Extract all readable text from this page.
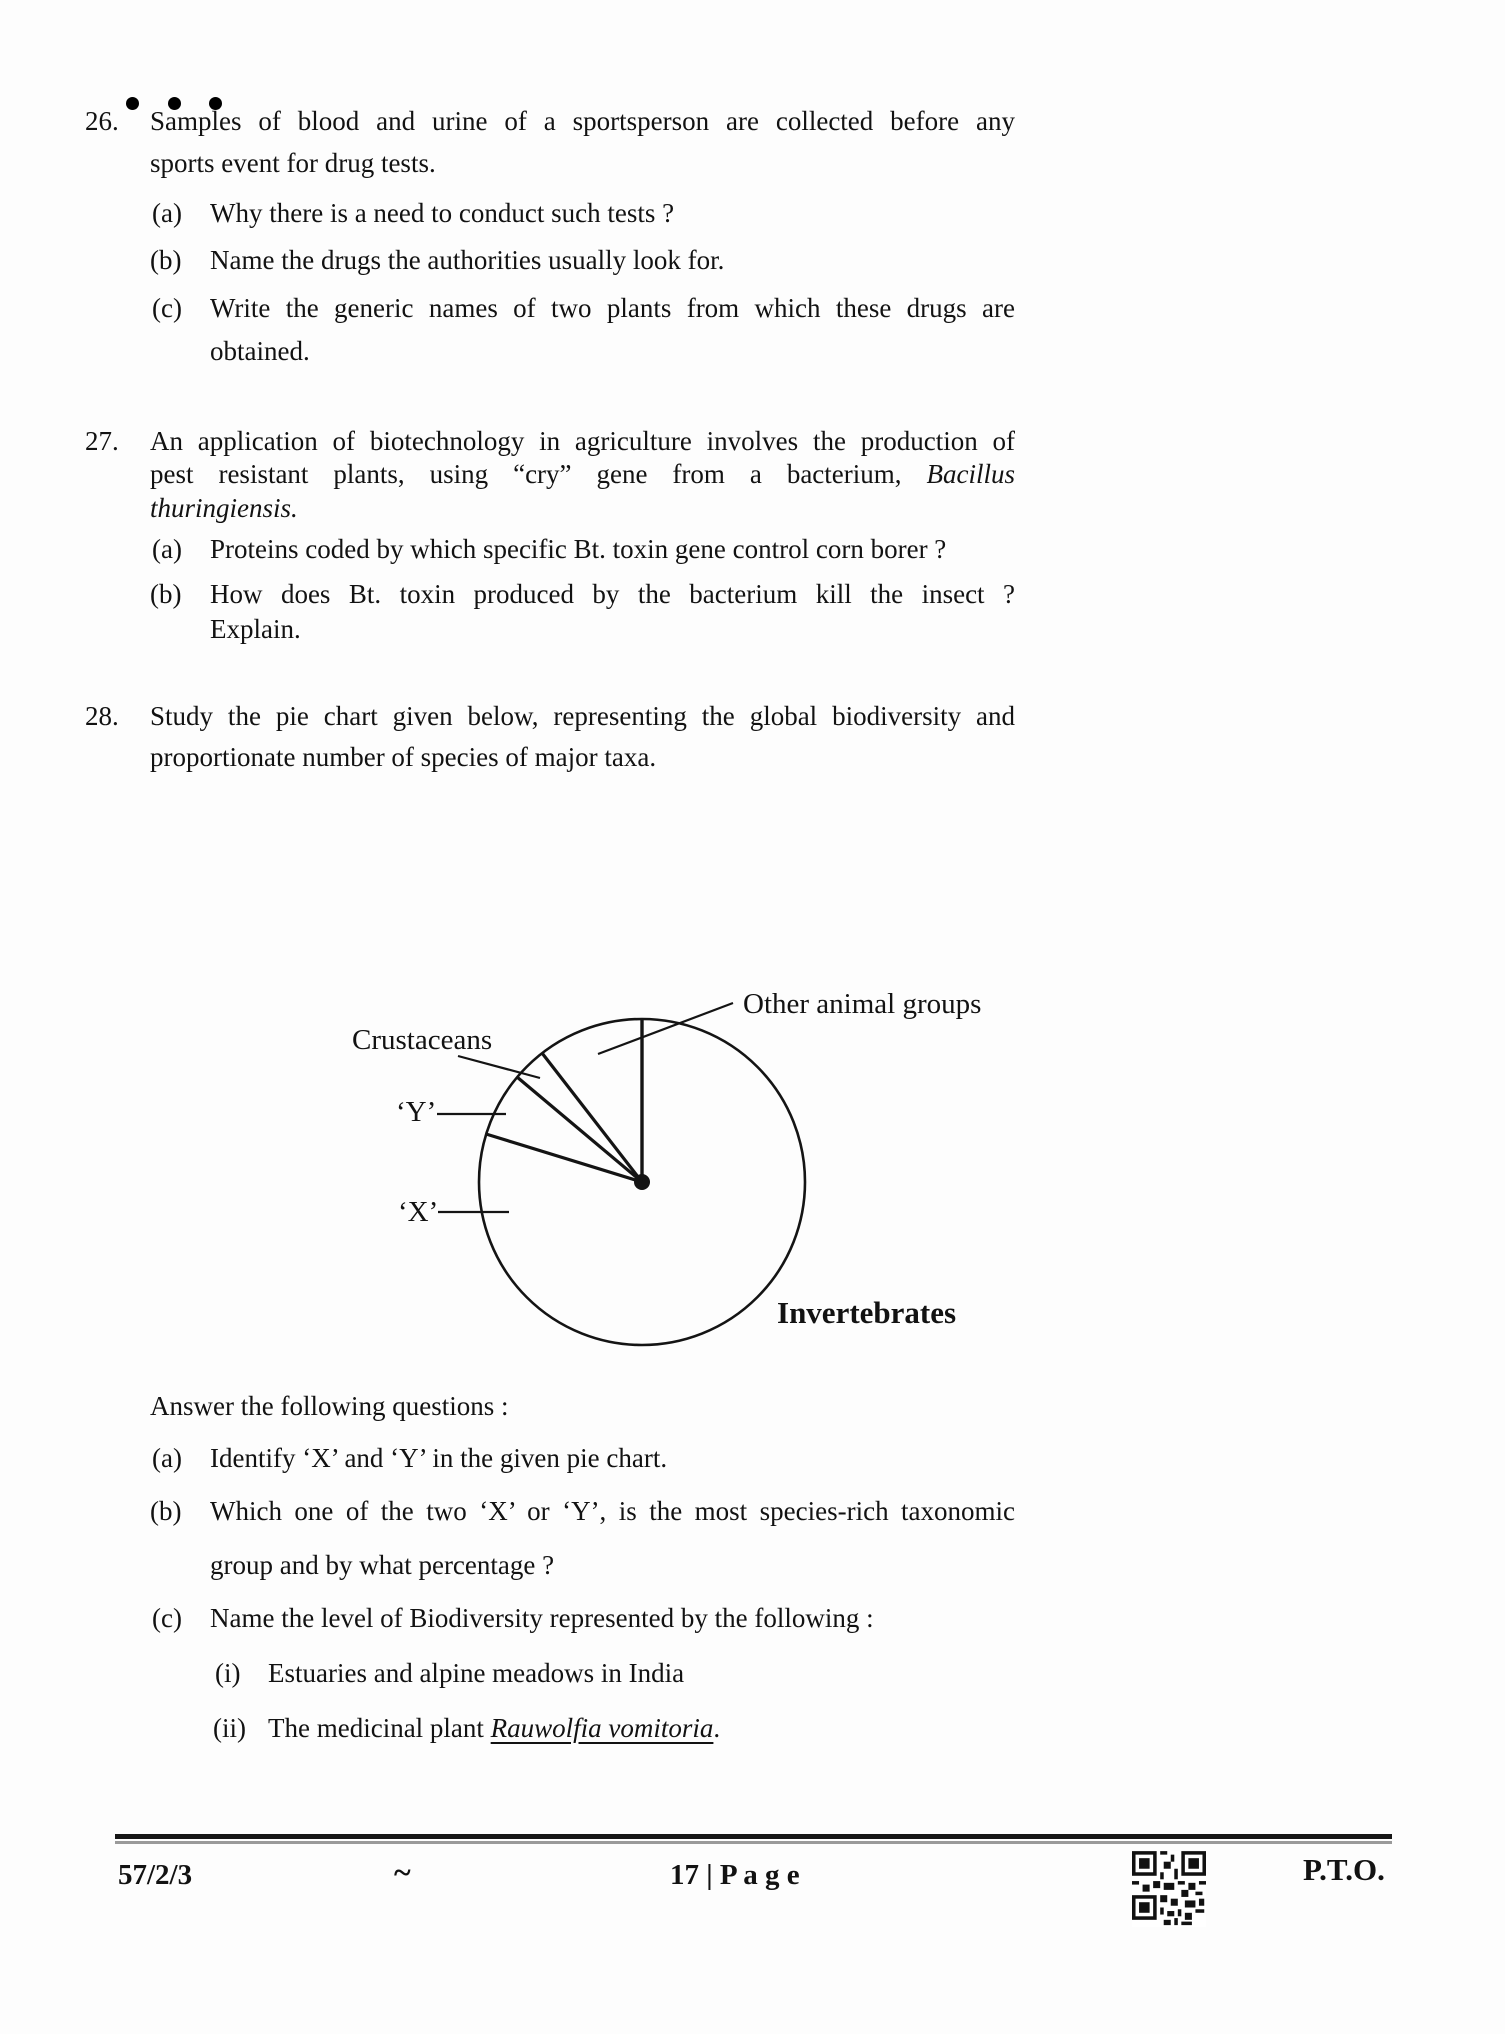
26. Samples of blood and urine of a sportsperson are collected before any
sports event for drug tests.
(a) Why there is a need to conduct such tests ?
(b) Name the drugs the authorities usually look for.
(c) Write the generic names of two plants from which these drugs are
obtained.
27. An application of biotechnology in agriculture involves the production of
pest resistant plants, using “cry” gene from a bacterium, Bacillus
thuringiensis.
(a) Proteins coded by which specific Bt. toxin gene control corn borer ?
(b) How does Bt. toxin produced by the bacterium kill the insect ?
Explain.
28. Study the pie chart given below, representing the global biodiversity and
proportionate number of species of major taxa.
Other animal groups
Crustaceans
‘Y’
‘X’
Invertebrates
Answer the following questions :
(a) Identify ‘X’ and ‘Y’ in the given pie chart.
(b) Which one of the two ‘X’ or ‘Y’, is the most species-rich taxonomic
group and by what percentage ?
(c) Name the level of Biodiversity represented by the following :
(i) Estuaries and alpine meadows in India
(ii) The medicinal plant Rauwolfia vomitoria.
57/2/3	~	17 | P a g e	P.T.O.
